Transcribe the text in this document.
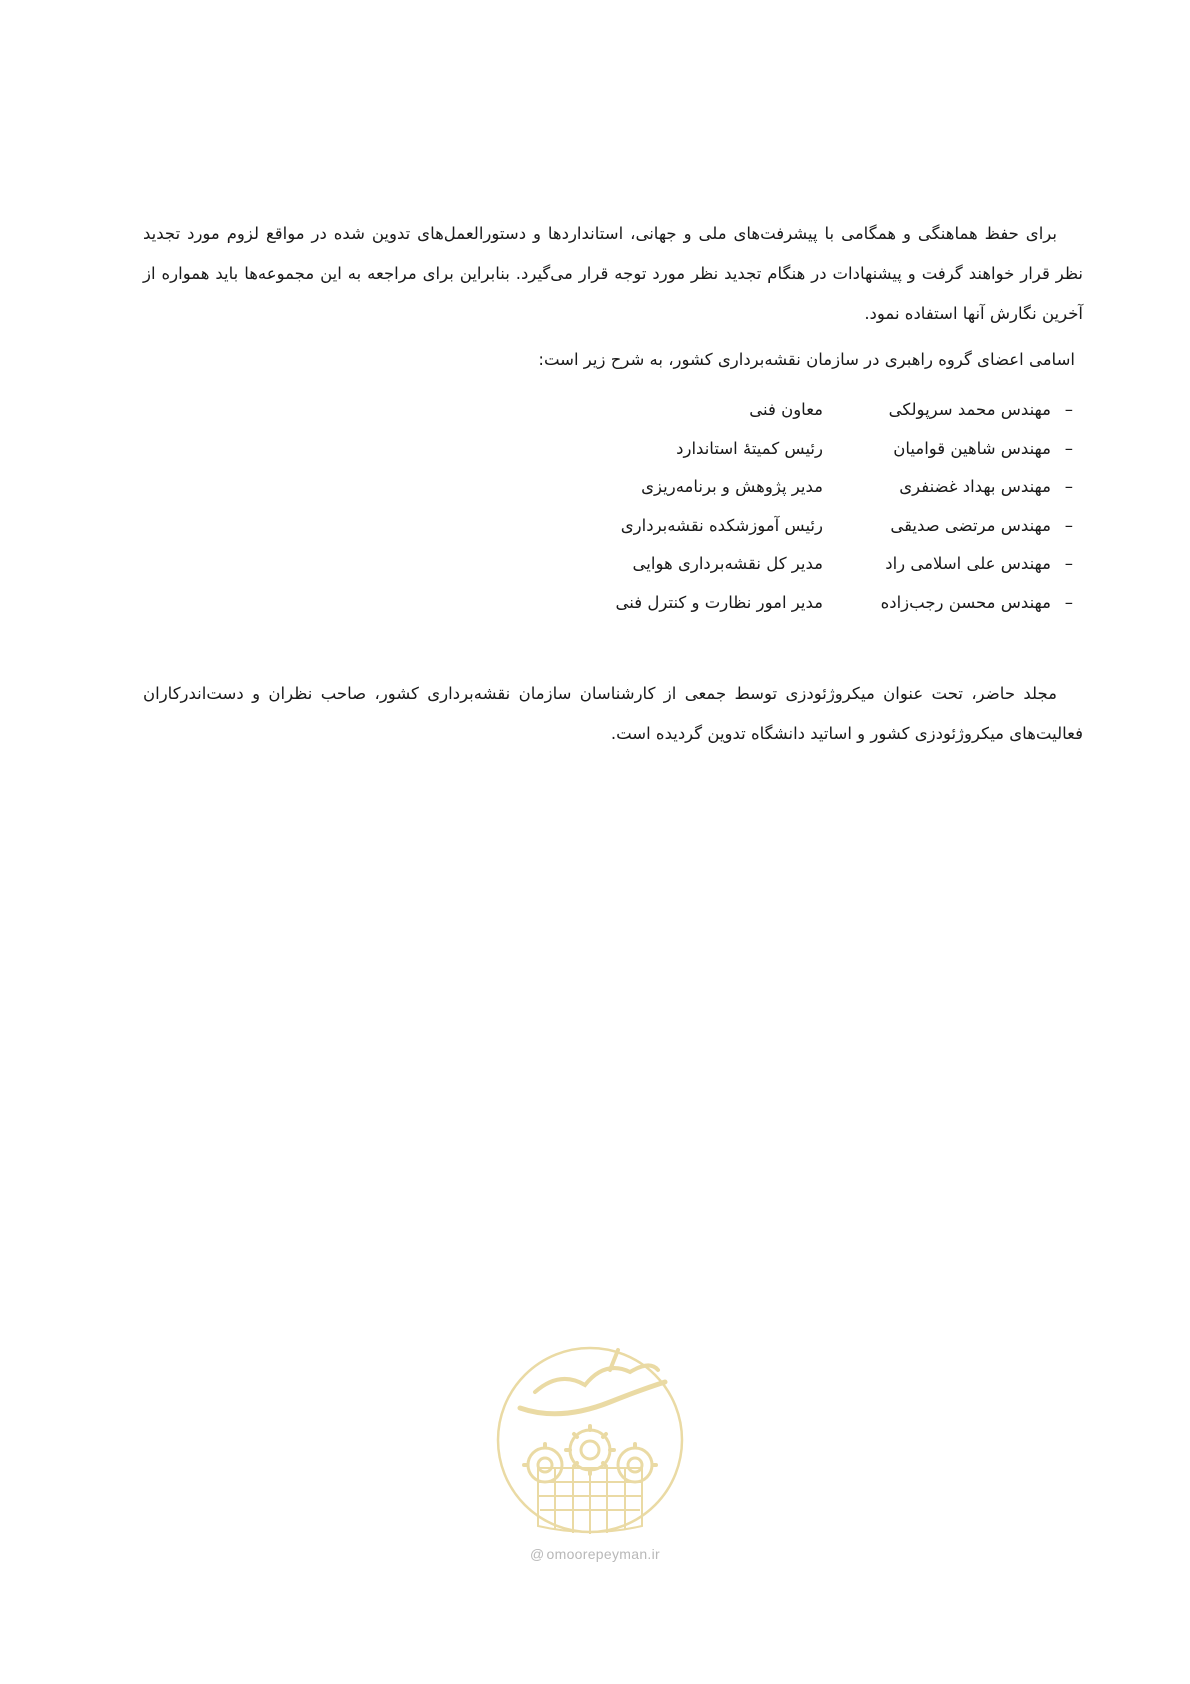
برای حفظ هماهنگی و همگامی با پیشرفت‌های ملی و جهانی، استانداردها و دستورالعمل‌های تدوین شده در مواقع لزوم مورد تجدید نظر قرار خواهند گرفت و پیشنهادات در هنگام تجدید نظر مورد توجه قرار می‌گیرد. بنابراین برای مراجعه به این مجموعه‌ها باید همواره از آخرین نگارش آنها استفاده نمود.

اسامی اعضای گروه راهبری در سازمان نقشه‌برداری کشور، به شرح زیر است:

–مهندس محمد سرپولکی
معاون فنی
–مهندس شاهین قوامیان
رئیس کمیتهٔ استاندارد
–مهندس بهداد غضنفری
مدیر پژوهش و برنامه‌ریزی
–مهندس مرتضی صدیقی
رئیس آموزشکده نقشه‌برداری
–مهندس علی اسلامی راد
مدیر کل نقشه‌برداری هوایی
–مهندس محسن رجب‌زاده
مدیر امور نظارت و کنترل فنی

مجلد حاضر، تحت عنوان میکروژئودزی توسط جمعی از کارشناسان سازمان نقشه‌برداری کشور، صاحب نظران و دست‌اندرکاران فعالیت‌های میکروژئودزی کشور و اساتید دانشگاه تدوین گردیده است.

@ omoorepeyman.ir
